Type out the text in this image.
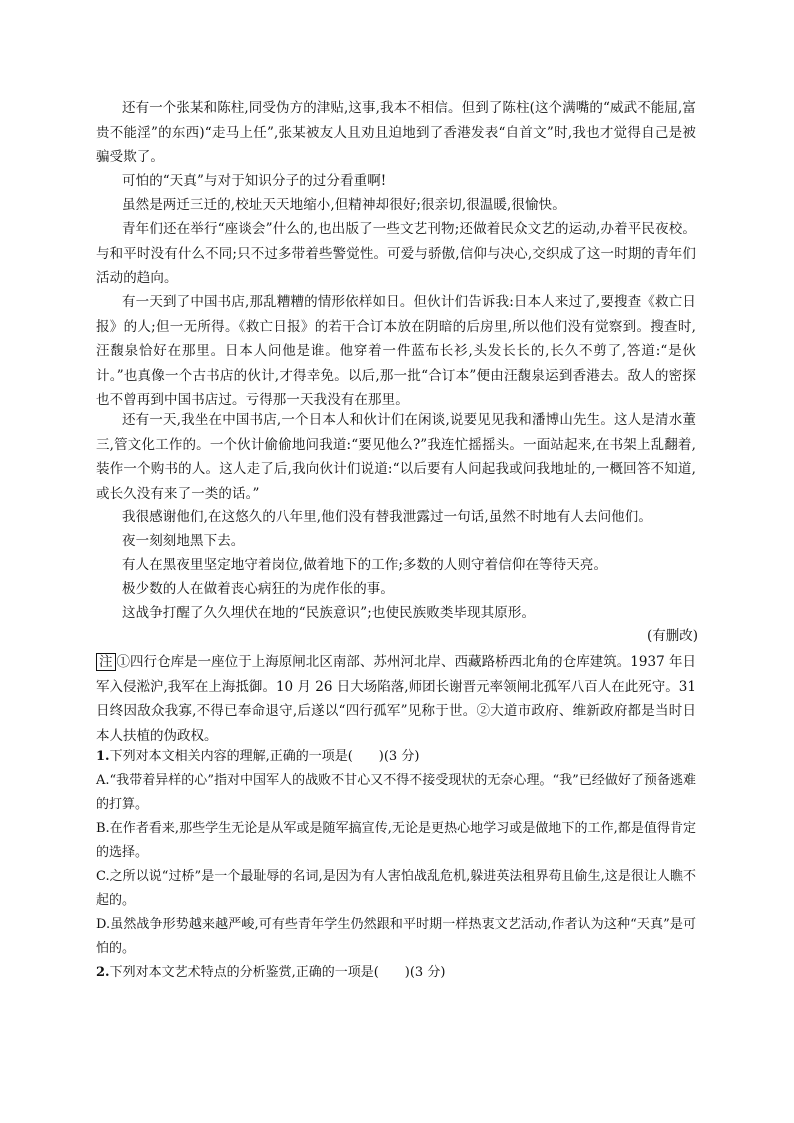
还有一个张某和陈柱,同受伪方的津贴,这事,我本不相信。但到了陈柱(这个满嘴的“威武不能屈,富贵不能淫”的东西)“走马上任”,张某被友人且劝且迫地到了香港发表“自首文”时,我也才觉得自己是被骗受欺了。

可怕的“天真”与对于知识分子的过分看重啊!

虽然是两迁三迁的,校址天天地缩小,但精神却很好;很亲切,很温暖,很愉快。

青年们还在举行“座谈会”什么的,也出版了一些文艺刊物;还做着民众文艺的运动,办着平民夜校。与和平时没有什么不同;只不过多带着些警觉性。可爱与骄傲,信仰与决心,交织成了这一时期的青年们活动的趋向。

有一天到了中国书店,那乱糟糟的情形依样如日。但伙计们告诉我:日本人来过了,要搜查《救亡日报》的人;但一无所得。《救亡日报》的若干合订本放在阴暗的后房里,所以他们没有觉察到。搜查时,汪馥泉恰好在那里。日本人问他是谁。他穿着一件蓝布长衫,头发长长的,长久不剪了,答道:“是伙计。”也真像一个古书店的伙计,才得幸免。以后,那一批“合订本”便由汪馥泉运到香港去。敌人的密探也不曾再到中国书店过。亏得那一天我没有在那里。

还有一天,我坐在中国书店,一个日本人和伙计们在闲谈,说要见见我和潘博山先生。这人是清水董三,管文化工作的。一个伙计偷偷地问我道:“要见他么?”我连忙摇摇头。一面站起来,在书架上乱翻着,装作一个购书的人。这人走了后,我向伙计们说道:“以后要有人问起我或问我地址的,一概回答不知道,或长久没有来了一类的话。”

我很感谢他们,在这悠久的八年里,他们没有替我泄露过一句话,虽然不时地有人去问他们。

夜一刻刻地黑下去。

有人在黑夜里坚定地守着岗位,做着地下的工作;多数的人则守着信仰在等待天亮。

极少数的人在做着丧心病狂的为虎作伥的事。

这战争打醒了久久埋伏在地的“民族意识”;也使民族败类毕现其原形。

(有删改)

注 ①四行仓库是一座位于上海原闸北区南部、苏州河北岸、西藏路桥西北角的仓库建筑。1937 年日军入侵淞沪,我军在上海抵御。10 月 26 日大场陷落,师团长谢晋元率领闸北孤军八百人在此死守。31 日终因敌众我寡,不得已奉命退守,后遂以“四行孤军”见称于世。②大道市政府、维新政府都是当时日本人扶植的伪政权。

1.下列对本文相关内容的理解,正确的一项是(　　)(3 分)

A.“我带着异样的心”指对中国军人的战败不甘心又不得不接受现状的无奈心理。“我”已经做好了预备逃难的打算。

B.在作者看来,那些学生无论是从军或是随军搞宣传,无论是更热心地学习或是做地下的工作,都是值得肯定的选择。

C.之所以说“过桥”是一个最耻辱的名词,是因为有人害怕战乱危机,躲进英法租界苟且偷生,这是很让人瞧不起的。

D.虽然战争形势越来越严峻,可有些青年学生仍然跟和平时期一样热衷文艺活动,作者认为这种“天真”是可怕的。

2.下列对本文艺术特点的分析鉴赏,正确的一项是(　　)(3 分)
